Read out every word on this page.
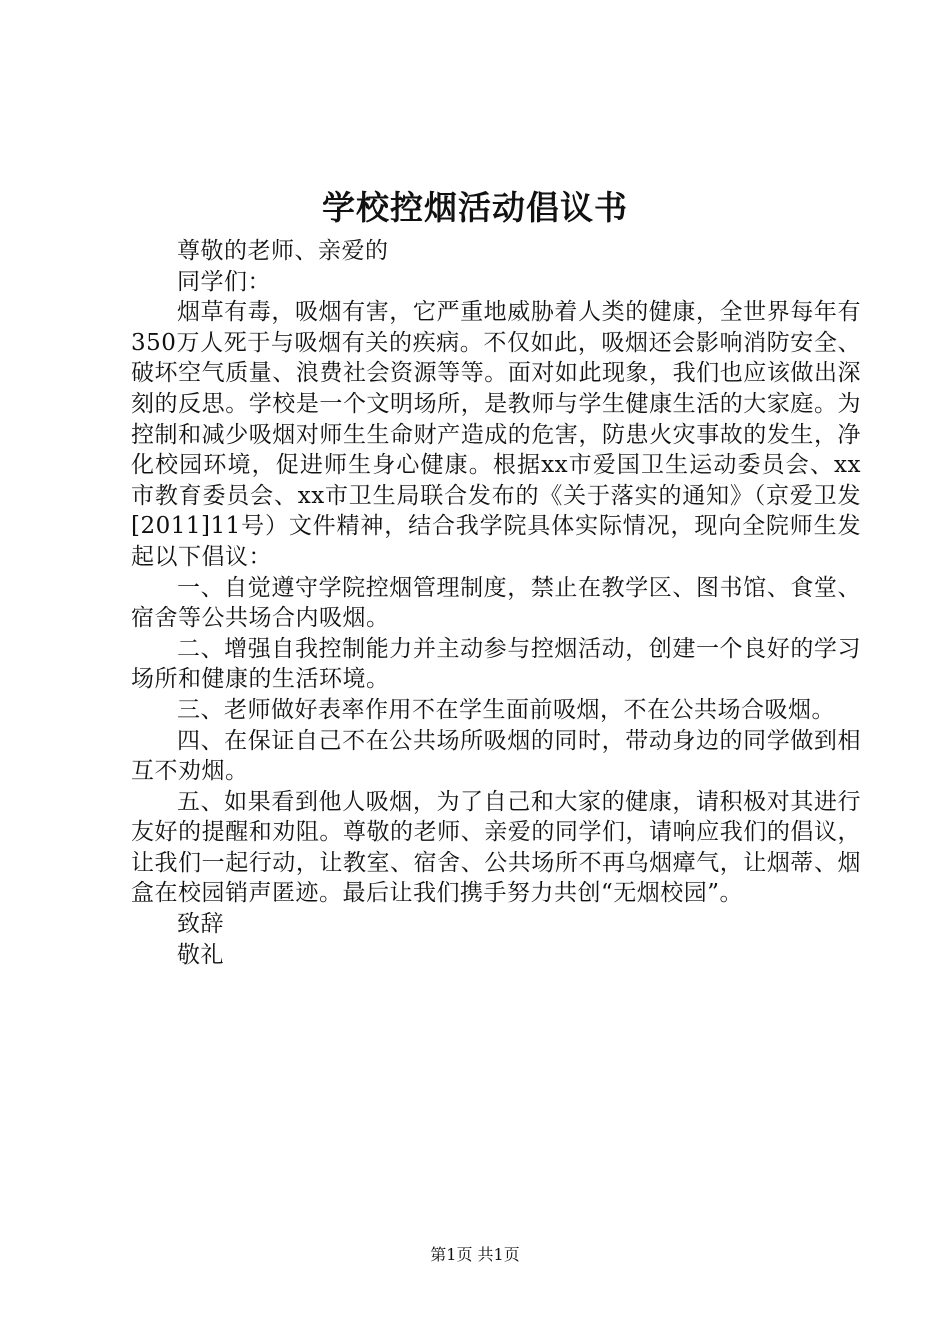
学校控烟活动倡议书

尊敬的老师、亲爱的

同学们：

烟草有毒，吸烟有害，它严重地威胁着人类的健康，全世界每年有350万人死于与吸烟有关的疾病。不仅如此，吸烟还会影响消防安全、破坏空气质量、浪费社会资源等等。面对如此现象，我们也应该做出深刻的反思。学校是一个文明场所，是教师与学生健康生活的大家庭。为控制和减少吸烟对师生生命财产造成的危害，防患火灾事故的发生，净化校园环境，促进师生身心健康。根据xx市爱国卫生运动委员会、xx市教育委员会、xx市卫生局联合发布的《关于落实的通知》（京爱卫发[2011]11号）文件精神，结合我学院具体实际情况，现向全院师生发起以下倡议：

一、自觉遵守学院控烟管理制度，禁止在教学区、图书馆、食堂、宿舍等公共场合内吸烟。

二、增强自我控制能力并主动参与控烟活动，创建一个良好的学习场所和健康的生活环境。

三、老师做好表率作用不在学生面前吸烟，不在公共场合吸烟。

四、在保证自己不在公共场所吸烟的同时，带动身边的同学做到相互不劝烟。

五、如果看到他人吸烟，为了自己和大家的健康，请积极对其进行友好的提醒和劝阻。尊敬的老师、亲爱的同学们，请响应我们的倡议，让我们一起行动，让教室、宿舍、公共场所不再乌烟瘴气，让烟蒂、烟盒在校园销声匿迹。最后让我们携手努力共创“无烟校园”。

致辞

敬礼

第1页 共1页
